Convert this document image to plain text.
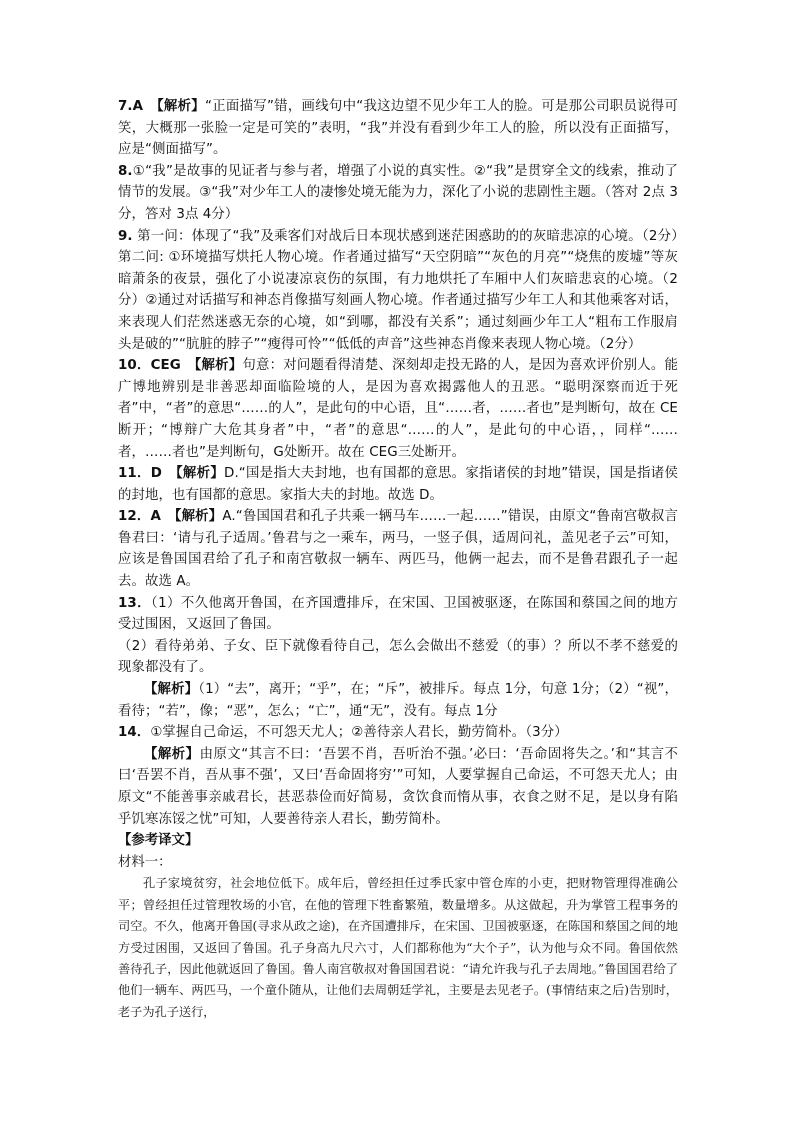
7.A　 【解析】“正面描写”错，画线句中“我这边望不见少年工人的脸。可是那公司职员说得可笑，大概那一张脸一定是可笑的”表明，“我”并没有看到少年工人的脸，所以没有正面描写，应是“侧面描写”。

8.①“我”是故事的见证者与参与者，增强了小说的真实性。②“我”是贯穿全文的线索，推动了情节的发展。③“我”对少年工人的凄惨处境无能为力，深化了小说的悲剧性主题。（答对 2点 3分，答对 3点 4分）

9. 第一问：体现了“我”及乘客们对战后日本现状感到迷茫困惑助的的灰暗悲凉的心境。（2分）第二问: ①环境描写烘托人物心境。作者通过描写“天空阴暗”“灰色的月亮”“烧焦的废墟”等灰暗萧条的夜景，强化了小说凄凉哀伤的氛围，有力地烘托了车厢中人们灰暗悲哀的心境。（2分）②通过对话描写和神态肖像描写刻画人物心境。作者通过描写少年工人和其他乘客对话，来表现人们茫然迷惑无奈的心境，如“到哪，都没有关系”；通过刻画少年工人“粗布工作服肩头是破的”“肮脏的脖子”“瘦得可怜”“低低的声音”这些神态肖像来表现人物心境。（2分）

10．CEG　 【解析】句意：对问题看得清楚、深刻却走投无路的人，是因为喜欢评价别人。能广博地辨别是非善恶却面临险境的人，是因为喜欢揭露他人的丑恶。“聪明深察而近于死者”中，“者”的意思“……的人”，是此句的中心语，且“……者，……者也”是判断句，故在 CE断开；“博辩广大危其身者”中，“者”的意思“……的人”，是此句的中心语，，同样“……者，……者也”是判断句，G处断开。故在 CEG三处断开。

11．D　 【解析】D.“国是指大夫封地，也有国都的意思。家指诸侯的封地”错误，国是指诸侯的封地，也有国都的意思。家指大夫的封地。故选 D。

12．A　 【解析】A.“鲁国国君和孔子共乘一辆马车……一起……”错误，由原文“鲁南宫敬叔言鲁君曰：‘请与孔子适周。’鲁君与之一乘车，两马，一竖子俱，适周问礼，盖见老子云”可知，应该是鲁国国君给了孔子和南宫敬叔一辆车、两匹马，他俩一起去，而不是鲁君跟孔子一起去。故选 A。

13．（1）不久他离开鲁国，在齐国遭排斥，在宋国、卫国被驱逐，在陈国和蔡国之间的地方受过围困，又返回了鲁国。

（2）看待弟弟、子女、臣下就像看待自己，怎么会做出不慈爱（的事）？所以不孝不慈爱的现象都没有了。

【解析】（1）“去”，离开；“乎”，在；“斥”，被排斥。每点 1分，句意 1分；（2）“视”，看待；“若”，像；“恶”，怎么；“亡”，通“无”，没有。每点 1分

14．①掌握自己命运，不可怨天尤人；②善待亲人君长，勤劳简朴。（3分）

【解析】由原文“其言不曰：‘吾罢不肖，吾听治不强。’必曰：‘吾命固将失之。’和“其言不曰‘吾罢不肖，吾从事不强’，又曰‘吾命固将穷’”可知，人要掌握自己命运，不可怨天尤人；由原文“不能善事亲戚君长，甚恶恭俭而好简易，贪饮食而惰从事，衣食之财不足，是以身有陷乎饥寒冻馁之忧”可知，人要善待亲人君长，勤劳简朴。

【参考译文】

材料一：

孔子家境贫穷，社会地位低下。成年后，曾经担任过季氏家中管仓库的小吏，把财物管理得准确公平；曾经担任过管理牧场的小官，在他的管理下牲畜繁殖，数量增多。从这做起，升为掌管工程事务的司空。不久，他离开鲁国(寻求从政之途)，在齐国遭排斥，在宋国、卫国被驱逐，在陈国和蔡国之间的地方受过困围，又返回了鲁国。孔子身高九尺六寸，人们都称他为“大个子”，认为他与众不同。鲁国依然善待孔子，因此他就返回了鲁国。鲁人南宫敬叔对鲁国国君说：“请允许我与孔子去周地。”鲁国国君给了他们一辆车、两匹马，一个童仆随从，让他们去周朝廷学礼，主要是去见老子。(事情结束之后)告别时，老子为孔子送行，
